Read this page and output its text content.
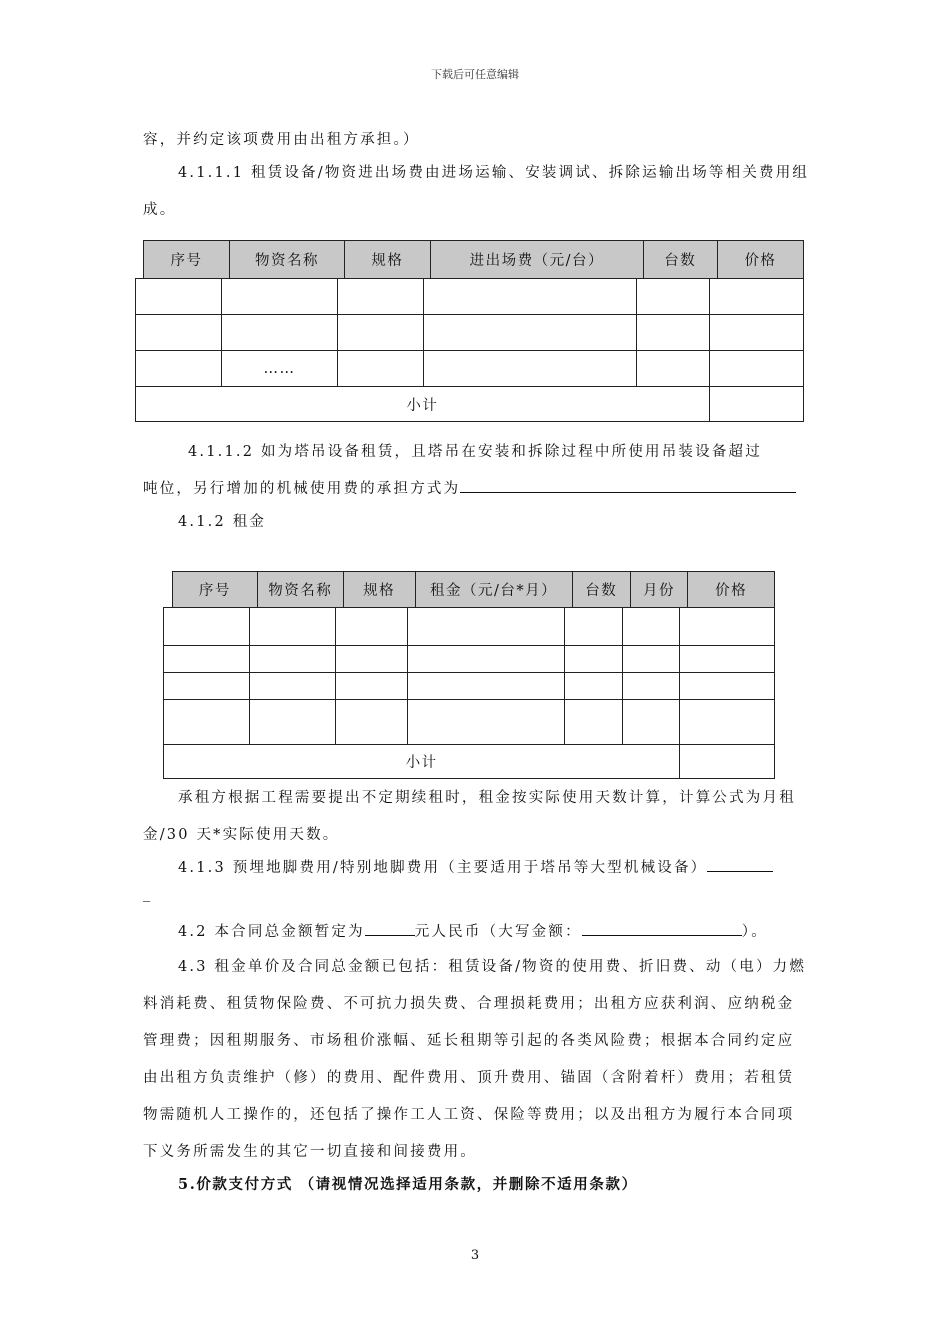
下载后可任意编辑
容，并约定该项费用由出租方承担。）
4.1.1.1 租赁设备/物资进出场费由进场运输、安装调试、拆除运输出场等相关费用组
成。
序号	物资名称	规格	进出场费（元/台）	台数	价格

	……				
小计					
4.1.1.2 如为塔吊设备租赁，且塔吊在安装和拆除过程中所使用吊装设备超过
吨位，另行增加的机械使用费的承担方式为
4.1.2 租金
序号	物资名称	规格	租金（元/台*月）	台数	月份	价格

小计						
承租方根据工程需要提出不定期续租时，租金按实际使用天数计算，计算公式为月租
金/30 天*实际使用天数。
4.1.3 预埋地脚费用/特别地脚费用（主要适用于塔吊等大型机械设备）
_
4.2 本合同总金额暂定为	元人民币（大写金额：	）。
4.3 租金单价及合同总金额已包括：租赁设备/物资的使用费、折旧费、动（电）力燃
料消耗费、租赁物保险费、不可抗力损失费、合理损耗费用；出租方应获利润、应纳税金
管理费；因租期服务、市场租价涨幅、延长租期等引起的各类风险费；根据本合同约定应
由出租方负责维护（修）的费用、配件费用、顶升费用、锚固（含附着杆）费用；若租赁
物需随机人工操作的，还包括了操作工人工资、保险等费用；以及出租方为履行本合同项
下义务所需发生的其它一切直接和间接费用。
5.价款支付方式 （请视情况选择适用条款，并删除不适用条款）
3
